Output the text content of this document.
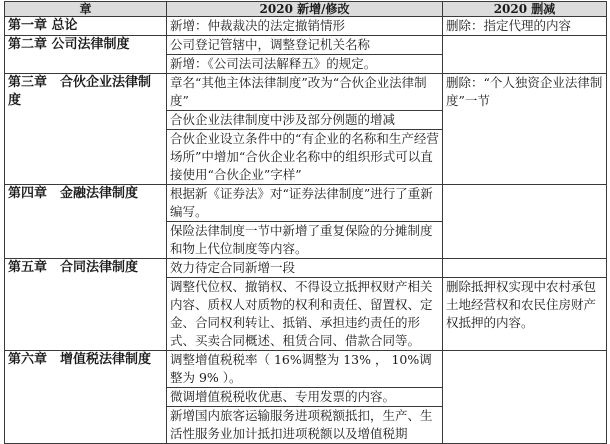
章	2020 新增/修改	2020 删减
第一章 总论	新增：仲裁裁决的法定撤销情形	删除：指定代理的内容
第二章 公司法律制度	公司登记管辖中，调整登记机关名称	
	新增：《公司法司法解释五》的规定。	
第三章　合伙企业法律制度	章名“其他主体法律制度”改为“合伙企业法律制度”	删除：“个人独资企业法律制度”一节
	合伙企业法律制度中涉及部分例题的增减	
	合伙企业设立条件中的“有企业的名称和生产经营场所”中增加“合伙企业名称中的组织形式可以直接使用“合伙企业”字样”	
第四章　金融法律制度	根据新《证券法》对“证券法律制度”进行了重新编写。	
	保险法律制度一节中新增了重复保险的分摊制度和物上代位制度等内容。	
第五章　合同法律制度	效力待定合同新增一段	
	调整代位权、撤销权、不得设立抵押权财产相关内容、质权人对质物的权利和责任、留置权、定金、合同权利转让、抵销、承担违约责任的形式、买卖合同概述、租赁合同、借款合同等。	删除抵押权实现中农村承包土地经营权和农民住房财产权抵押的内容。
第六章　增值税法律制度	调整增值税税率（ 16%调整为 13% ， 10%调整为 9% ）。	
	微调增值税税收优惠、专用发票的内容。	
	新增国内旅客运输服务进项税额抵扣，生产、生活性服务业加计抵扣进项税额以及增值税期	
